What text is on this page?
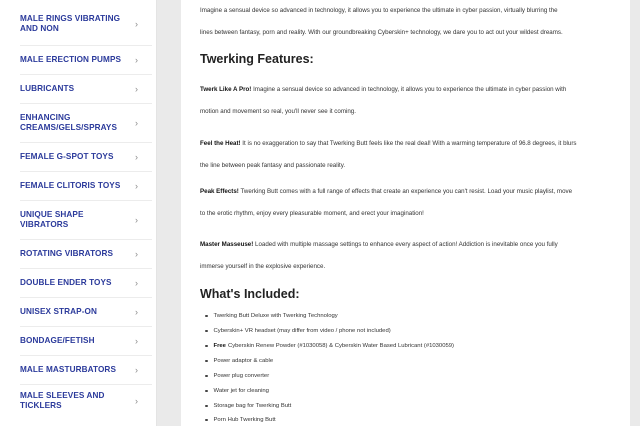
MALE RINGS VIBRATING
AND NON	›
MALE ERECTION PUMPS	›
LUBRICANTS	›
ENHANCING
CREAMS/GELS/SPRAYS	›
FEMALE G-SPOT TOYS	›
FEMALE CLITORIS TOYS	›
UNIQUE SHAPE
VIBRATORS	›
ROTATING VIBRATORS	›
DOUBLE ENDER TOYS	›
UNISEX STRAP-ON	›
BONDAGE/FETISH	›
MALE MASTURBATORS	›
MALE SLEEVES AND
TICKLERS	›
Imagine a sensual device so advanced in technology, it allows you to experience the ultimate in cyber passion, virtually blurring the
lines between fantasy, porn and reality. With our groundbreaking Cyberskin+ technology, we dare you to act out your wildest dreams.
Twerking Features:
Twerk Like A Pro! Imagine a sensual device so advanced in technology, it allows you to experience the ultimate in cyber passion with
motion and movement so real, you'll never see it coming.
Feel the Heat! It is no exaggeration to say that Twerking Butt feels like the real deal! With a warming temperature of 96.8 degrees, it blurs
the line between peak fantasy and passionate reality.
Peak Effects! Twerking Butt comes with a full range of effects that create an experience you can't resist. Load your music playlist, move
to the erotic rhythm, enjoy every pleasurable moment, and erect your imagination!
Master Masseuse! Loaded with multiple massage settings to enhance every aspect of action! Addiction is inevitable once you fully
immerse yourself in the explosive experience.
What's Included:
Twerking Butt Deluxe with Twerking Technology
Cyberskin+ VR headset (may differ from video / phone not included)
Free Cyberskin Renew Powder (#1030058) & Cyberskin Water Based Lubricant (#1030059)
Power adaptor & cable
Power plug converter
Water jet for cleaning
Storage bag for Twerking Butt
Porn Hub Twerking Butt
